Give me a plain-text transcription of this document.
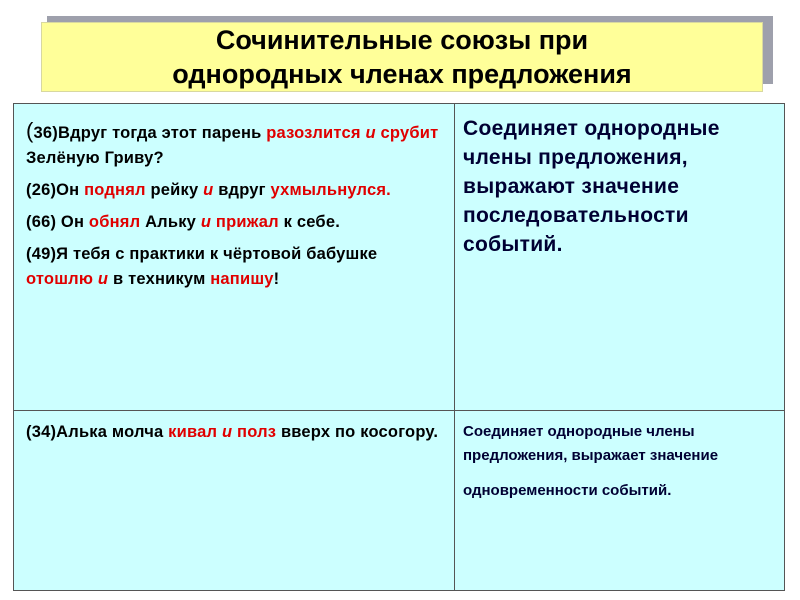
Сочинительные союзы при
однородных членах предложения
(36)Вдруг тогда этот парень разозлится и срубит Зелёную Гриву?
(26)Он поднял рейку и вдруг ухмыльнулся.
(66) Он обнял Альку и прижал к себе.
(49)Я тебя с практики к чёртовой бабушке отошлю и в техникум напишу!
Соединяет однородные члены предложения, выражают значение последовательности событий.
(34)Алька молча кивал и полз вверх по косогору.	Соединяет однородные члены предложения, выражает значение
одновременности событий.
